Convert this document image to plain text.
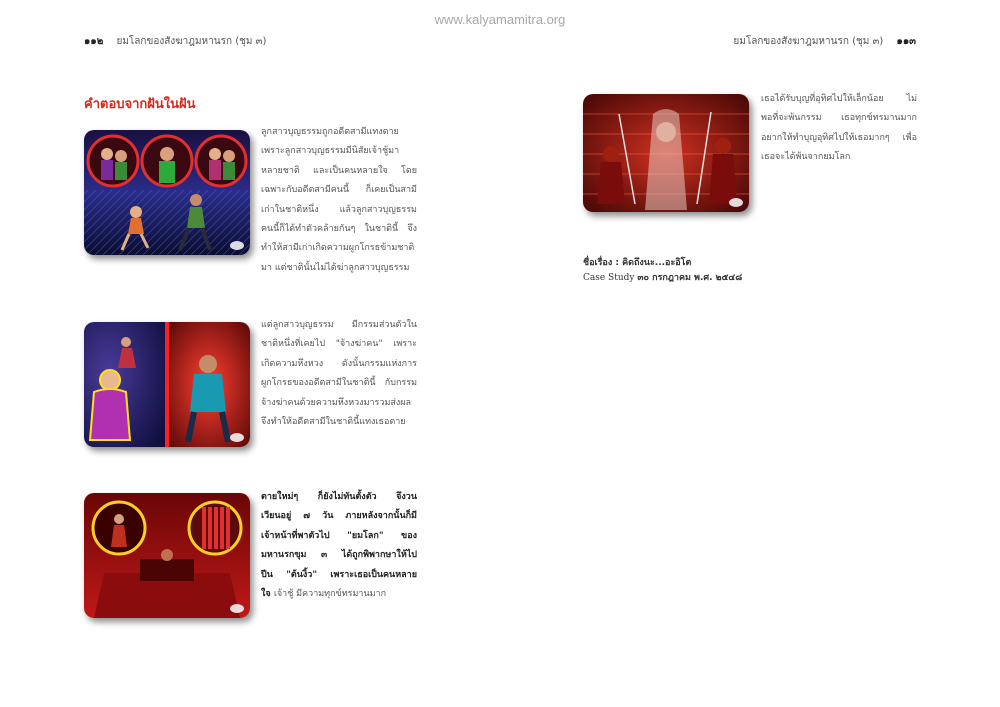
www.kalyamamitra.org
๑๑๒ ยมโลกของสังฆาฎมหานรก (ชุม ๓)	ยมโลกของสังฆาฎมหานรก (ชุม ๓) ๑๑๓
คำตอบจากฝันในฝัน
ลูกสาวบุญธรรมถูกอดีตสามีแทงตาย
เพราะลูกสาวบุญธรรมมีนิสัยเจ้าชู้มา
หลายชาติ และเป็นคนหลายใจ โดย
เฉพาะกับอดีตสามีคนนี้ ก็เคยเป็นสามี
เก่าในชาติหนึ่ง แล้วลูกสาวบุญธรรม
คนนี้ก็ได้ทำตัวคล้ายกันๆ ในชาตินี้ จึง
ทำให้สามีเก่าเกิดความผูกโกรธข้ามชาติ
มา แต่ชาตินั้นไม่ได้ฆ่าลูกสาวบุญธรรม
แต่ลูกสาวบุญธรรม มีกรรมส่วนตัวใน
ชาติหนึ่งที่เคยไป "จ้างฆ่าคน" เพราะ
เกิดความหึงหวง ดังนั้นกรรมแห่งการ
ผูกโกรธของอดีตสามีในชาตินี้ กับกรรม
จ้างฆ่าคนด้วยความหึงหวงมารวมส่งผล
จึงทำให้อดีตสามีในชาตินี้แทงเธอตาย
ตายใหม่ๆ ก็ยังไม่ทันตั้งตัว จึงวน
เวียนอยู่ ๗ วัน ภายหลังจากนั้นก็มี
เจ้าหน้าที่พาตัวไป "ยมโลก" ของ
มหานรกขุม ๓ ได้ถูกพิพากษาให้ไป
ปีน "ต้นงิ้ว" เพราะเธอเป็นคนหลาย
ใจ เจ้าชู้ มีความทุกข์ทรมานมาก
เธอได้รับบุญที่อุทิศไปให้เล็กน้อย ไม่
พอที่จะพ้นกรรม เธอทุกข์ทรมานมาก
อยากให้ทำบุญอุทิศไปให้เธอมากๆ เพื่อ
เธอจะได้พ้นจากยมโลก
ชื่อเรื่อง : คิดถึงนะ...อะอิโต
Case Study ๓๐ กรกฎาคม พ.ศ. ๒๕๔๘
